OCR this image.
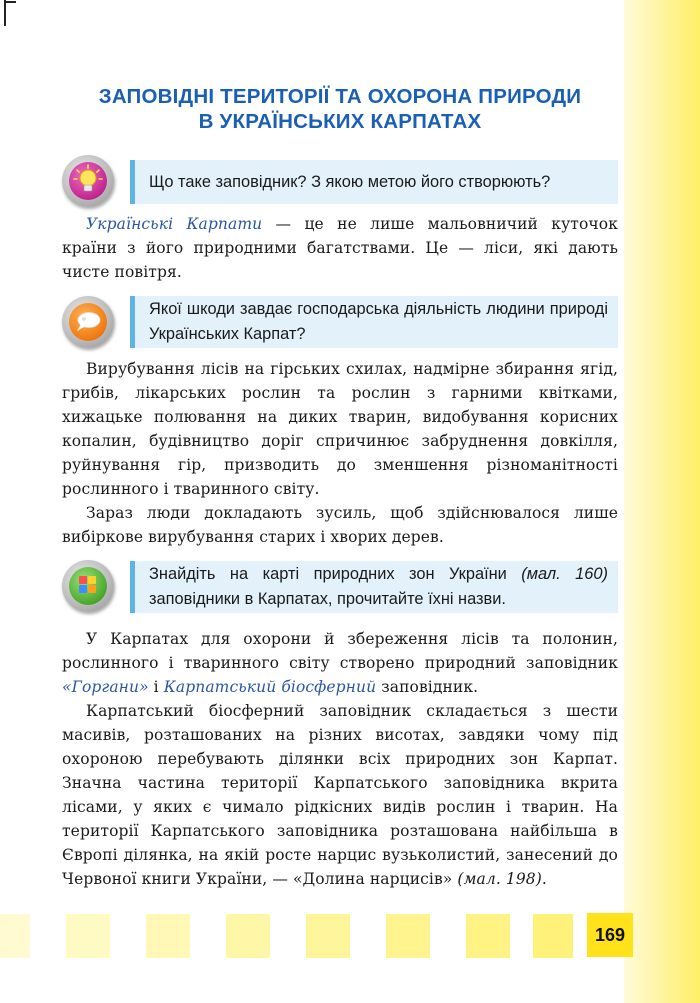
ЗАПОВІДНІ ТЕРИТОРІЇ ТА ОХОРОНА ПРИРОДИ
В УКРАЇНСЬКИХ КАРПАТАХ

Що таке заповідник? З якою метою його створюють?

Українські Карпати — це не лише мальовничий куточок країни з його природними багатствами. Це — ліси, які дають чисте повітря.

Якої шкоди завдає господарська діяльність людини природі Українських Карпат?

Вирубування лісів на гірських схилах, надмірне збирання ягід, грибів, лікарських рослин та рослин з гарними квітками, хижацьке полювання на диких тварин, видобування корисних копалин, будівництво доріг спричинює забруднення довкілля, руйнування гір, призводить до зменшення різноманітності рослинного і тваринного світу.

Зараз люди докладають зусиль, щоб здійснювалося лише вибіркове вирубування старих і хворих дерев.

Знайдіть на карті природних зон України (мал. 160) заповідники в Карпатах, прочитайте їхні назви.

У Карпатах для охорони й збереження лісів та полонин, рослинного і тваринного світу створено природний заповідник «Горгани» і Карпатський біосферний заповідник.

Карпатський біосферний заповідник складається з шести масивів, розташованих на різних висотах, завдяки чому під охороною перебувають ділянки всіх природних зон Карпат. Значна частина території Карпатського заповідника вкрита лісами, у яких є чимало рідкісних видів рослин і тварин. На території Карпатського заповідника розташована найбільша в Європі ділянка, на якій росте нарцис вузьколистий, занесений до Червоної книги України, — «Долина нарцисів» (мал. 198).

169
